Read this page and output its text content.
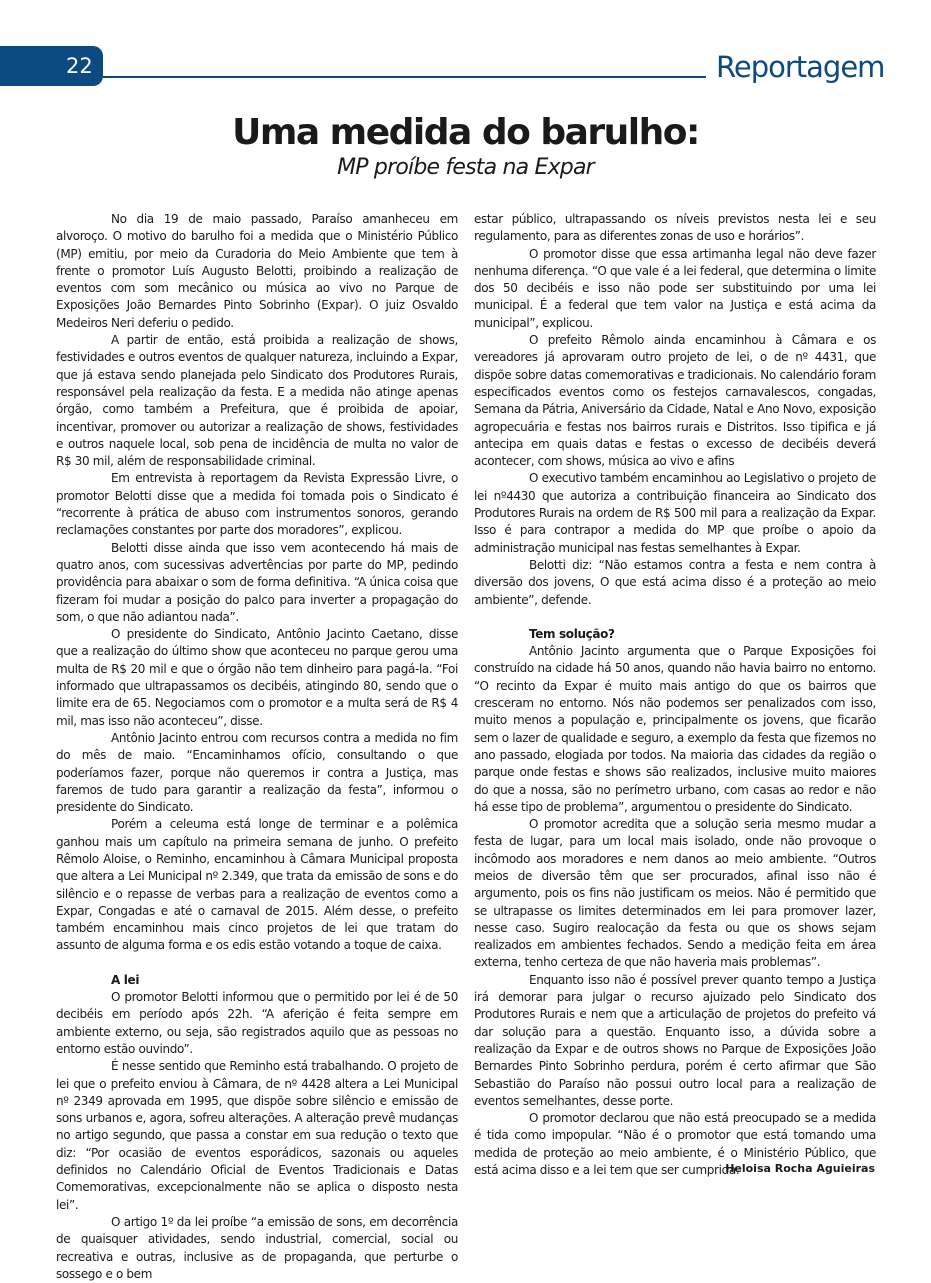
22	Reportagem
Uma medida do barulho:
MP proíbe festa na Expar

No dia 19 de maio passado, Paraíso amanheceu em alvoroço. O motivo do barulho foi a medida que o Ministério Público (MP) emitiu, por meio da Curadoria do Meio Ambiente que tem à frente o promotor Luís Augusto Belotti, proibindo a realização de eventos com som mecânico ou música ao vivo no Parque de Exposições João Bernardes Pinto Sobrinho (Expar). O juiz Osvaldo Medeiros Neri deferiu o pedido.

A partir de então, está proibida a realização de shows, festividades e outros eventos de qualquer natureza, incluindo a Expar, que já estava sendo planejada pelo Sindicato dos Produtores Rurais, responsável pela realização da festa. E a medida não atinge apenas órgão, como também a Prefeitura, que é proibida de apoiar, incentivar, promover ou autorizar a realização de shows, festividades e outros naquele local, sob pena de incidência de multa no valor de R$ 30 mil, além de responsabilidade criminal.

Em entrevista à reportagem da Revista Expressão Livre, o promotor Belotti disse que a medida foi tomada pois o Sindicato é “recorrente à prática de abuso com instrumentos sonoros, gerando reclamações constantes por parte dos moradores”, explicou.

Belotti disse ainda que isso vem acontecendo há mais de quatro anos, com sucessivas advertências por parte do MP, pedindo providência para abaixar o som de forma definitiva. “A única coisa que fizeram foi mudar a posição do palco para inverter a propagação do som, o que não adiantou nada”.

O presidente do Sindicato, Antônio Jacinto Caetano, disse que a realização do último show que aconteceu no parque gerou uma multa de R$ 20 mil e que o órgão não tem dinheiro para pagá-la. “Foi informado que ultrapassamos os decibéis, atingindo 80, sendo que o limite era de 65. Negociamos com o promotor e a multa será de R$ 4 mil, mas isso não aconteceu”, disse.

Antônio Jacinto entrou com recursos contra a medida no fim do mês de maio. “Encaminhamos ofício, consultando o que poderíamos fazer, porque não queremos ir contra a Justiça, mas faremos de tudo para garantir a realização da festa”, informou o presidente do Sindicato.

Porém a celeuma está longe de terminar e a polêmica ganhou mais um capítulo na primeira semana de junho. O prefeito Rêmolo Aloise, o Reminho, encaminhou à Câmara Municipal proposta que altera a Lei Municipal nº 2.349, que trata da emissão de sons e do silêncio e o repasse de verbas para a realização de eventos como a Expar, Congadas e até o carnaval de 2015. Além desse, o prefeito também encaminhou mais cinco projetos de lei que tratam do assunto de alguma forma e os edis estão votando a toque de caixa.

A lei

O promotor Belotti informou que o permitido por lei é de 50 decibéis em período após 22h. “A aferição é feita sempre em ambiente externo, ou seja, são registrados aquilo que as pessoas no entorno estão ouvindo”.

É nesse sentido que Reminho está trabalhando. O projeto de lei que o prefeito enviou à Câmara, de nº 4428 altera a Lei Municipal nº 2349 aprovada em 1995, que dispõe sobre silêncio e emissão de sons urbanos e, agora, sofreu alterações. A alteração prevê mudanças no artigo segundo, que passa a constar em sua redução o texto que diz: “Por ocasião de eventos esporádicos, sazonais ou aqueles definidos no Calendário Oficial de Eventos Tradicionais e Datas Comemorativas, excepcionalmente não se aplica o disposto nesta lei”.

O artigo 1º da lei proíbe “a emissão de sons, em decorrência de quaisquer atividades, sendo industrial, comercial, social ou recreativa e outras, inclusive as de propaganda, que perturbe o sossego e o bem

estar público, ultrapassando os níveis previstos nesta lei e seu regulamento, para as diferentes zonas de uso e horários”.

O promotor disse que essa artimanha legal não deve fazer nenhuma diferença. “O que vale é a lei federal, que determina o limite dos 50 decibéis e isso não pode ser substituindo por uma lei municipal. É a federal que tem valor na Justiça e está acima da municipal”, explicou.

O prefeito Rêmolo ainda encaminhou à Câmara e os vereadores já aprovaram outro projeto de lei, o de nº 4431, que dispõe sobre datas comemorativas e tradicionais. No calendário foram especificados eventos como os festejos carnavalescos, congadas, Semana da Pátria, Aniversário da Cidade, Natal e Ano Novo, exposição agropecuária e festas nos bairros rurais e Distritos. Isso tipifica e já antecipa em quais datas e festas o excesso de decibéis deverá acontecer, com shows, música ao vivo e afins

O executivo também encaminhou ao Legislativo o projeto de lei nº4430 que autoriza a contribuição financeira ao Sindicato dos Produtores Rurais na ordem de R$ 500 mil para a realização da Expar. Isso é para contrapor a medida do MP que proíbe o apoio da administração municipal nas festas semelhantes à Expar.

Belotti diz: “Não estamos contra a festa e nem contra à diversão dos jovens, O que está acima disso é a proteção ao meio ambiente”, defende.

Tem solução?

Antônio Jacinto argumenta que o Parque Exposições foi construído na cidade há 50 anos, quando não havia bairro no entorno. “O recinto da Expar é muito mais antigo do que os bairros que cresceram no entorno. Nós não podemos ser penalizados com isso, muito menos a população e, principalmente os jovens, que ficarão sem o lazer de qualidade e seguro, a exemplo da festa que fizemos no ano passado, elogiada por todos. Na maioria das cidades da região o parque onde festas e shows são realizados, inclusive muito maiores do que a nossa, são no perímetro urbano, com casas ao redor e não há esse tipo de problema”, argumentou o presidente do Sindicato.

O promotor acredita que a solução seria mesmo mudar a festa de lugar, para um local mais isolado, onde não provoque o incômodo aos moradores e nem danos ao meio ambiente. “Outros meios de diversão têm que ser procurados, afinal isso não é argumento, pois os fins não justificam os meios. Não é permitido que se ultrapasse os limites determinados em lei para promover lazer, nesse caso. Sugiro realocação da festa ou que os shows sejam realizados em ambientes fechados. Sendo a medição feita em área externa, tenho certeza de que não haveria mais problemas”.

Enquanto isso não é possível prever quanto tempo a Justiça irá demorar para julgar o recurso ajuizado pelo Sindicato dos Produtores Rurais e nem que a articulação de projetos do prefeito vá dar solução para a questão. Enquanto isso, a dúvida sobre a realização da Expar e de outros shows no Parque de Exposições João Bernardes Pinto Sobrinho perdura, porém é certo afirmar que São Sebastião do Paraíso não possui outro local para a realização de eventos semelhantes, desse porte.

O promotor declarou que não está preocupado se a medida é tida como impopular. “Não é o promotor que está tomando uma medida de proteção ao meio ambiente, é o Ministério Público, que está acima disso e a lei tem que ser cumprida.

Heloisa Rocha Aguieiras
